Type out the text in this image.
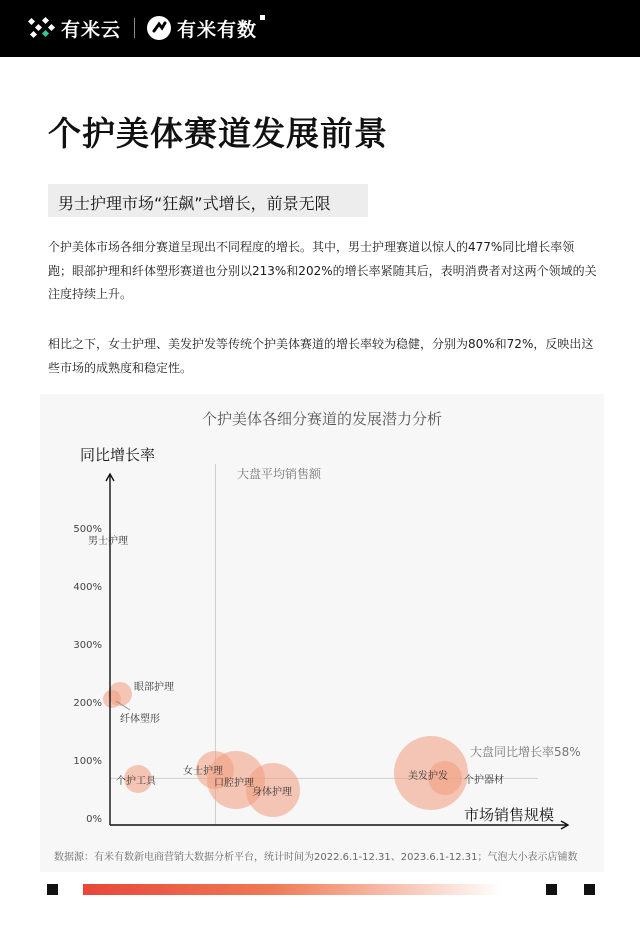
有米云	有米有数
个护美体赛道发展前景
男士护理市场“狂飙”式增长，前景无限

个护美体市场各细分赛道呈现出不同程度的增长。其中，男士护理赛道以惊人的477%同比增长率领跑；眼部护理和纤体塑形赛道也分别以213%和202%的增长率紧随其后，表明消费者对这两个领域的关注度持续上升。

相比之下，女士护理、美发护发等传统个护美体赛道的增长率较为稳健，分别为80%和72%，反映出这些市场的成熟度和稳定性。

个护美体各细分赛道的发展潜力分析
同比增长率
市场销售规模
大盘平均销售额
大盘同比增长率58%
0%
100%
200%
300%
400%
500%
男士护理
眼部护理
纤体塑形
个护工具
女士护理
口腔护理
身体护理
美发护发 个护器材
数据源：有米有数新电商营销大数据分析平台，统计时间为2022.6.1-12.31、2023.6.1-12.31；气泡大小表示店铺数
